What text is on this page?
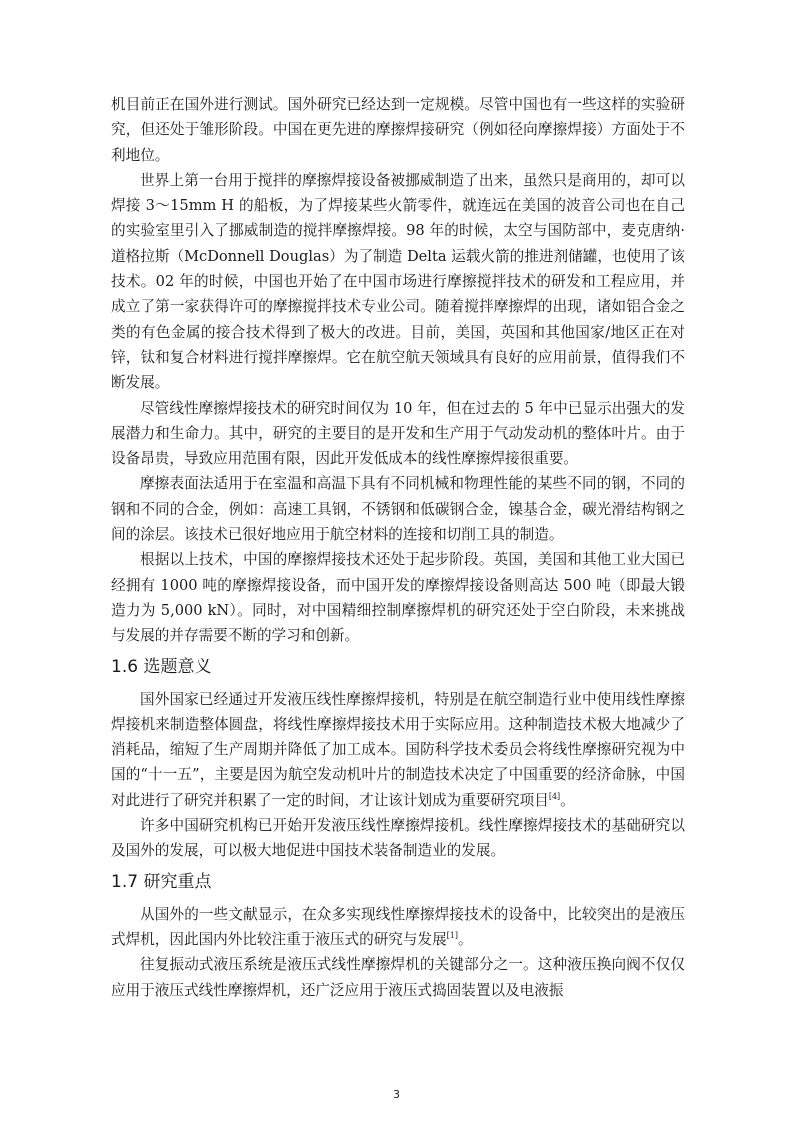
机目前正在国外进行测试。国外研究已经达到一定规模。尽管中国也有一些这样的实验研究，但还处于雏形阶段。中国在更先进的摩擦焊接研究（例如径向摩擦焊接）方面处于不利地位。

世界上第一台用于搅拌的摩擦焊接设备被挪威制造了出来，虽然只是商用的，却可以焊接 3～15mm H 的船板，为了焊接某些火箭零件，就连远在美国的波音公司也在自己的实验室里引入了挪威制造的搅拌摩擦焊接。98 年的时候，太空与国防部中，麦克唐纳·道格拉斯（McDonnell Douglas）为了制造 Delta 运载火箭的推进剂储罐，也使用了该技术。02 年的时候，中国也开始了在中国市场进行摩擦搅拌技术的研发和工程应用，并成立了第一家获得许可的摩擦搅拌技术专业公司。随着搅拌摩擦焊的出现，诸如铝合金之类的有色金属的接合技术得到了极大的改进。目前，美国，英国和其他国家/地区正在对锌，钛和复合材料进行搅拌摩擦焊。它在航空航天领域具有良好的应用前景，值得我们不断发展。

尽管线性摩擦焊接技术的研究时间仅为 10 年，但在过去的 5 年中已显示出强大的发展潜力和生命力。其中，研究的主要目的是开发和生产用于气动发动机的整体叶片。由于设备昂贵，导致应用范围有限，因此开发低成本的线性摩擦焊接很重要。

摩擦表面法适用于在室温和高温下具有不同机械和物理性能的某些不同的钢，不同的钢和不同的合金，例如：高速工具钢，不锈钢和低碳钢合金，镍基合金，碳光滑结构钢之间的涂层。该技术已很好地应用于航空材料的连接和切削工具的制造。

根据以上技术，中国的摩擦焊接技术还处于起步阶段。英国，美国和其他工业大国已经拥有 1000 吨的摩擦焊接设备，而中国开发的摩擦焊接设备则高达 500 吨（即最大锻造力为 5,000 kN）。同时，对中国精细控制摩擦焊机的研究还处于空白阶段，未来挑战与发展的并存需要不断的学习和创新。

1.6 选题意义

国外国家已经通过开发液压线性摩擦焊接机，特别是在航空制造行业中使用线性摩擦焊接机来制造整体圆盘，将线性摩擦焊接技术用于实际应用。这种制造技术极大地减少了消耗品，缩短了生产周期并降低了加工成本。国防科学技术委员会将线性摩擦研究视为中国的“十一五”，主要是因为航空发动机叶片的制造技术决定了中国重要的经济命脉，中国对此进行了研究并积累了一定的时间，才让该计划成为重要研究项目[4]。

许多中国研究机构已开始开发液压线性摩擦焊接机。线性摩擦焊接技术的基础研究以及国外的发展，可以极大地促进中国技术装备制造业的发展。

1.7 研究重点

从国外的一些文献显示，在众多实现线性摩擦焊接技术的设备中，比较突出的是液压式焊机，因此国内外比较注重于液压式的研究与发展[1]。

往复振动式液压系统是液压式线性摩擦焊机的关键部分之一。这种液压换向阀不仅仅应用于液压式线性摩擦焊机，还广泛应用于液压式捣固装置以及电液振

3
